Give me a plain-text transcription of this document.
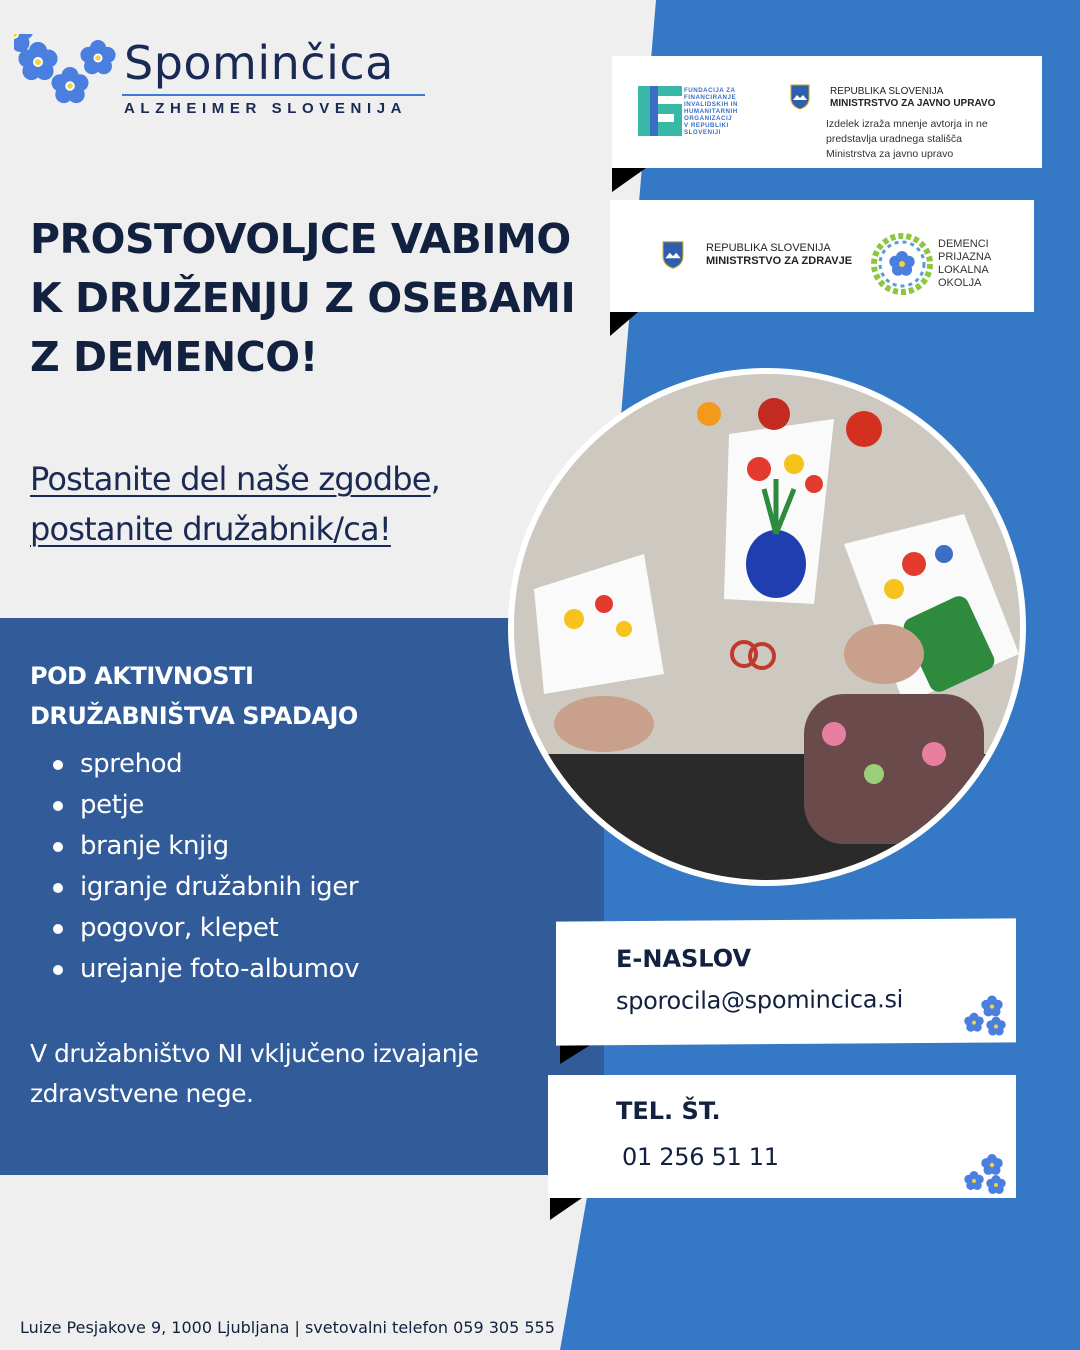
Spominčica
ALZHEIMER SLOVENIJA
FUNDACIJA ZA
FINANCIRANJE
INVALIDSKIH IN
HUMANITARNIH
ORGANIZACIJ
V REPUBLIKI
SLOVENIJI
REPUBLIKA SLOVENIJA
MINISTRSTVO ZA JAVNO UPRAVO
Izdelek izraža mnenje avtorja in ne
predstavlja uradnega stališča
Ministrstva za javno upravo
REPUBLIKA SLOVENIJA
MINISTRSTVO ZA ZDRAVJE
DEMENCI
PRIJAZNA
LOKALNA
OKOLJA
PROSTOVOLJCE VABIMO
K DRUŽENJU Z OSEBAMI
Z DEMENCO!
Postanite del naše zgodbe ,
postanite družabnik/ca!
POD AKTIVNOSTI
DRUŽABNIŠTVA SPADAJO
sprehod
petje
branje knjig
igranje družabnih iger
pogovor, klepet
urejanje foto-albumov
V družabništvo NI vključeno izvajanje zdravstvene nege.
E-NASLOV
sporocila@spomincica.si
TEL. ŠT.
01 256 51 11
Luize Pesjakove 9, 1000 Ljubljana | svetovalni telefon 059 305 555
